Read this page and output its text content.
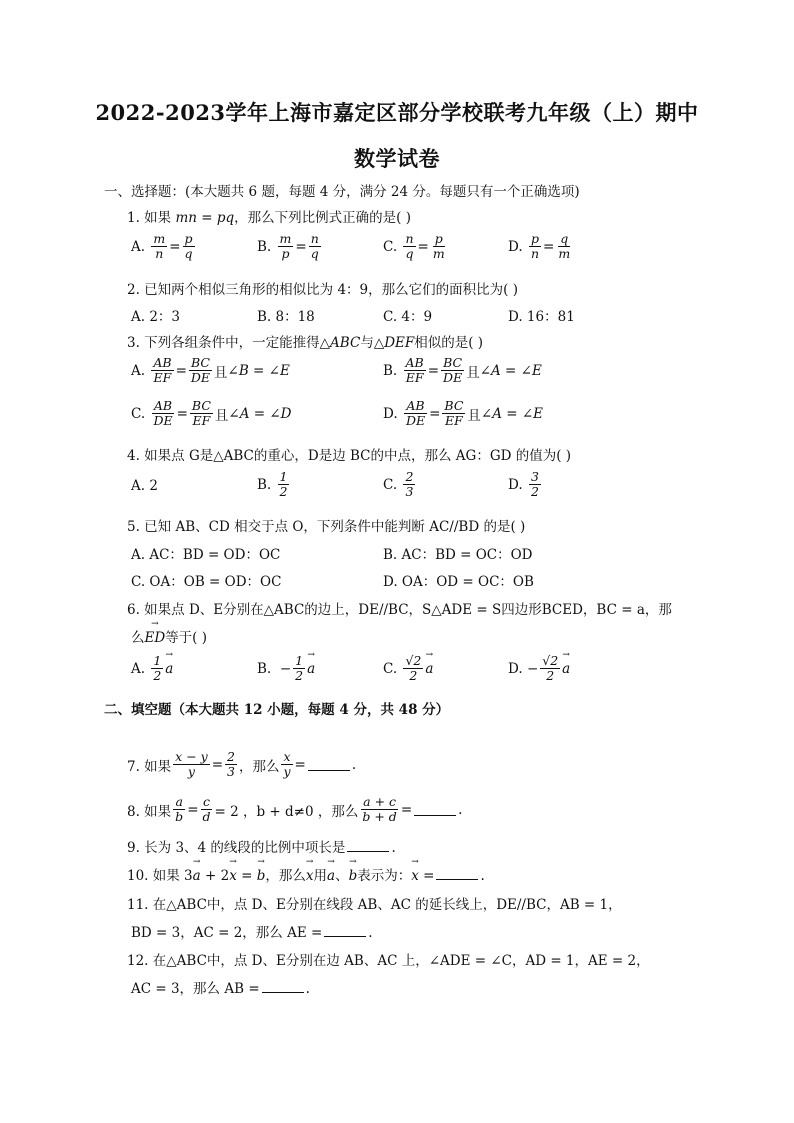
2022-2023学年上海市嘉定区部分学校联考九年级（上）期中
数学试卷
一、选择题：(本大题共 6 题，每题 4 分，满分 24 分。每题只有一个正确选项)
1. 如果 mn = pq，那么下列比例式正确的是( )
A.

m
n =
p
q	B.

m
p =
n
q	C.

n
q =
p
m	D.

p
n =
q
m
2. 已知两个相似三角形的相似比为 4：9，那么它们的面积比为( )
A. 2：3	B. 8：18	C. 4：9	D. 16：81
3. 下列各组条件中，一定能推得△ABC与△DEF相似的是( )
A.

AB
EF =
BC
DE 且 ∠B = ∠E	B.

AB
EF =
BC
DE 且 ∠A = ∠E
C.

AB
DE =
BC
EF 且 ∠A = ∠D	D.

AB
DE =
BC
EF 且 ∠A = ∠E
4. 如果点 G是△ABC的重心，D是边 BC的中点，那么 AG：GD 的值为( )
A.
2	B.

1
2	C.

2
3	D.

3
2
5. 已知 AB、CD 相交于点 O，下列条件中能判断 AC//BD 的是( )
A. AC：BD = OD：OC	B. AC：BD = OC：OD
C. OA：OB = OD：OC	D. OA：OD = OC：OB
6. 如果点 D、E分别在△ABC的边上，DE//BC，S△ADE = S四边形BCED，BC = a，那
么→ ED等于( )
A.

1
2
→ a	B.
− $\frac{1}{2}$
→ a	C.

√2
2
→ a	D.
− $\frac{√2}{2}$
→ a
二、填空题（本大题共 12 小题，每题 4 分，共 48 分）
7. 如果 $\frac{x - y}{y} = \frac{2}{3}$ ，那么 $\frac{x}{y}$ =	.
8. 如果
a
$b = \frac{c}{d} = 2$ ，b + d≠0 ，那么 $\frac{a + c}{b + d}$ =	.
9. 长为 3、4 的线段的比例中项长是	.
10. 如果 3→ a + 2→ x = → b，那么→ x用→ a、→ b表示为：→ x =	.
11. 在△ABC中，点 D、E分别在线段 AB、AC 的延长线上，DE//BC，AB = 1，
BD = 3，AC = 2，那么 AE =	.
12. 在△ABC中，点 D、E分别在边 AB、AC 上，∠ADE = ∠C，AD = 1，AE = 2，
AC = 3，那么 AB =	.
